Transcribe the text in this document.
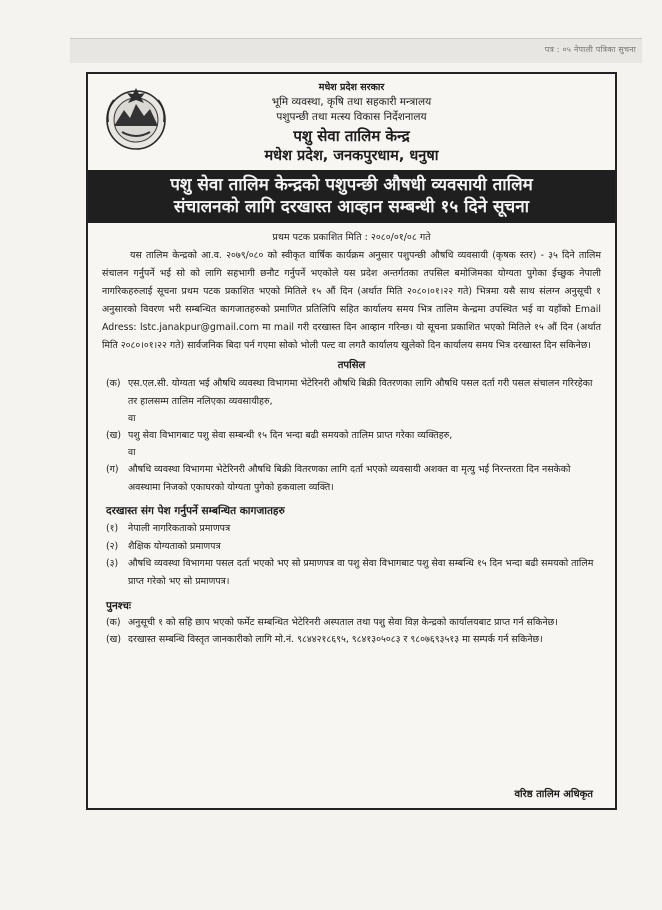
पत्र : ०५ नेपाली पत्रिका सुचना
मधेश प्रदेश सरकार
भूमि व्यवस्था, कृषि तथा सहकारी मन्त्रालय
पशुपन्छी तथा मत्स्य विकास निर्देशनालय
पशु सेवा तालिम केन्द्र
मधेश प्रदेश, जनकपुरधाम, धनुषा
पशु सेवा तालिम केन्द्रको पशुपन्छी औषधी व्यवसायी तालिम
संचालनको लागि दरखास्त आव्हान सम्बन्धी १५ दिने सूचना
प्रथम पटक प्रकाशित मिति : २०८०/०१/०८ गते

यस तालिम केन्द्रको आ.व. २०७९/०८० को स्वीकृत वार्षिक कार्यक्रम अनुसार पशुपन्छी औषधि व्यवसायी (कृषक स्तर) - ३५ दिने तालिम संचालन गर्नुपर्ने भई सो को लागि सहभागी छनौट गर्नुपर्ने भएकोले यस प्रदेश अन्तर्गतका तपसिल बमोजिमका योग्यता पुगेका ईच्छुक नेपाली नागरिकहरुलाई सूचना प्रथम पटक प्रकाशित भएको मितिले १५ औं दिन (अर्थात मिति २०८०।०१।२२ गते) भित्रमा यसै साथ संलग्न अनुसूची १ अनुसारको विवरण भरी सम्बन्धित कागजातहरुको प्रमाणित प्रतिलिपि सहित कार्यालय समय भित्र तालिम केन्द्रमा उपस्थित भई वा यहाँको Email Adress: lstc.janakpur@gmail.com मा mail गरी दरखास्त दिन आव्हान गरिन्छ। यो सूचना प्रकाशित भएको मितिले १५ औं दिन (अर्थात मिति २०८०।०१।२२ गते) सार्वजनिक बिदा पर्न गएमा सोको भोली पल्ट वा लगतै कार्यालय खुलेको दिन कार्यालय समय भित्र दरखास्त दिन सकिनेछ।

तपसिल
(क) एस.एल.सी. योग्यता भई औषधि व्यवस्था विभागमा भेटेरिनरी औषधि बिक्री वितरणका लागि औषधि पसल दर्ता गरी पसल संचालन गरिरहेका तर हालसम्म तालिम नलिएका व्यवसायीहरु,
वा
(ख) पशु सेवा विभागबाट पशु सेवा सम्बन्धी १५ दिन भन्दा बढी समयको तालिम प्राप्त गरेका व्यक्तिहरु,
वा
(ग) औषधि व्यवस्था विभागमा भेटेरिनरी औषधि बिक्री वितरणका लागि दर्ता भएको व्यवसायी अशक्त वा मृत्यु भई निरन्तरता दिन नसकेको अवस्थामा निजको एकाघरको योग्यता पुगेको हकवाला व्यक्ति।
दरखास्त संग पेश गर्नुपर्ने सम्बन्धित कागजातहरु
(१) नेपाली नागरिकताको प्रमाणपत्र
(२) शैक्षिक योग्यताको प्रमाणपत्र
(३) औषधि व्यवस्था विभागमा पसल दर्ता भएको भए सो प्रमाणपत्र वा पशु सेवा विभागबाट पशु सेवा सम्बन्धि १५ दिन भन्दा बढी समयको तालिम प्राप्त गरेको भए सो प्रमाणपत्र।
पुनश्चः
(क) अनुसूची १ को सहि छाप भएको फर्मेट सम्बन्धित भेटेरिनरी अस्पताल तथा पशु सेवा विज्ञ केन्द्रको कार्यालयबाट प्राप्त गर्न सकिनेछ।
(ख) दरखास्त सम्बन्धि विस्तृत जानकारीको लागि मो.नं. ९८४४२१८६९५, ९८४१३०५०८३ र ९८०७६९३५१३ मा सम्पर्क गर्न सकिनेछ।
वरिष्ठ तालिम अधिकृत
